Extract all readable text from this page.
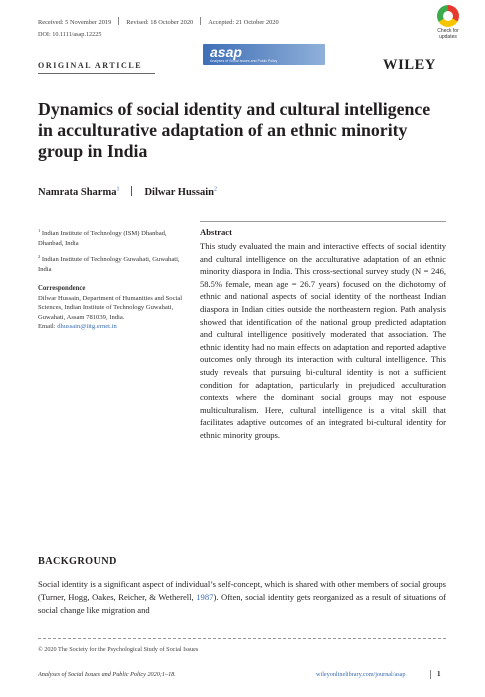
Received: 5 November 2019 Revised: 18 October 2020 Accepted: 21 October 2020
DOI: 10.1111/asap.12225	Check for updates
ORIGINAL ARTICLE
asap
Analyses of Social Issues and Public Policy	WILEY
Dynamics of social identity and cultural intelligence in acculturative adaptation of an ethnic minority group in India
Namrata Sharma$^1$ Dilwar Hussain$^2$
$^1$ Indian Institute of Technology (ISM) Dhanbad, Dhanbad, India
$^2$ Indian Institute of Technology Guwahati, Guwahati, India
Correspondence
Dilwar Hussain, Department of Humanities and Social Sciences, Indian Institute of Technology Guwahati, Guwahati, Assam 781039, India.
Email: dhussain@iitg.ernet.in
Abstract

This study evaluated the main and interactive effects of social identity and cultural intelligence on the acculturative adaptation of an ethnic minority diaspora in India. This cross-sectional survey study (N = 246, 58.5% female, mean age = 26.7 years) focused on the dichotomy of ethnic and national aspects of social identity of the northeast Indian diaspora in Indian cities outside the northeastern region. Path analysis showed that identification of the national group predicted adaptation and cultural intelligence positively moderated that association. The ethnic identity had no main effects on adaptation and reported adaptive outcomes only through its interaction with cultural intelligence. This study reveals that pursuing bi-cultural identity is not a sufficient condition for adaptation, particularly in prejudiced acculturation contexts where the dominant social groups may not espouse multiculturalism. Here, cultural intelligence is a vital skill that facilitates adaptive outcomes of an integrated bi-cultural identity for ethnic minority groups.

BACKGROUND

Social identity is a significant aspect of individual’s self-concept, which is shared with other members of social groups (Turner, Hogg, Oakes, Reicher, & Wetherell, 1987). Often, social identity gets reorganized as a result of situations of social change like migration and

© 2020 The Society for the Psychological Study of Social Issues
Analyses of Social Issues and Public Policy 2020;1–18.	wileyonlinelibrary.com/journal/asap	1
